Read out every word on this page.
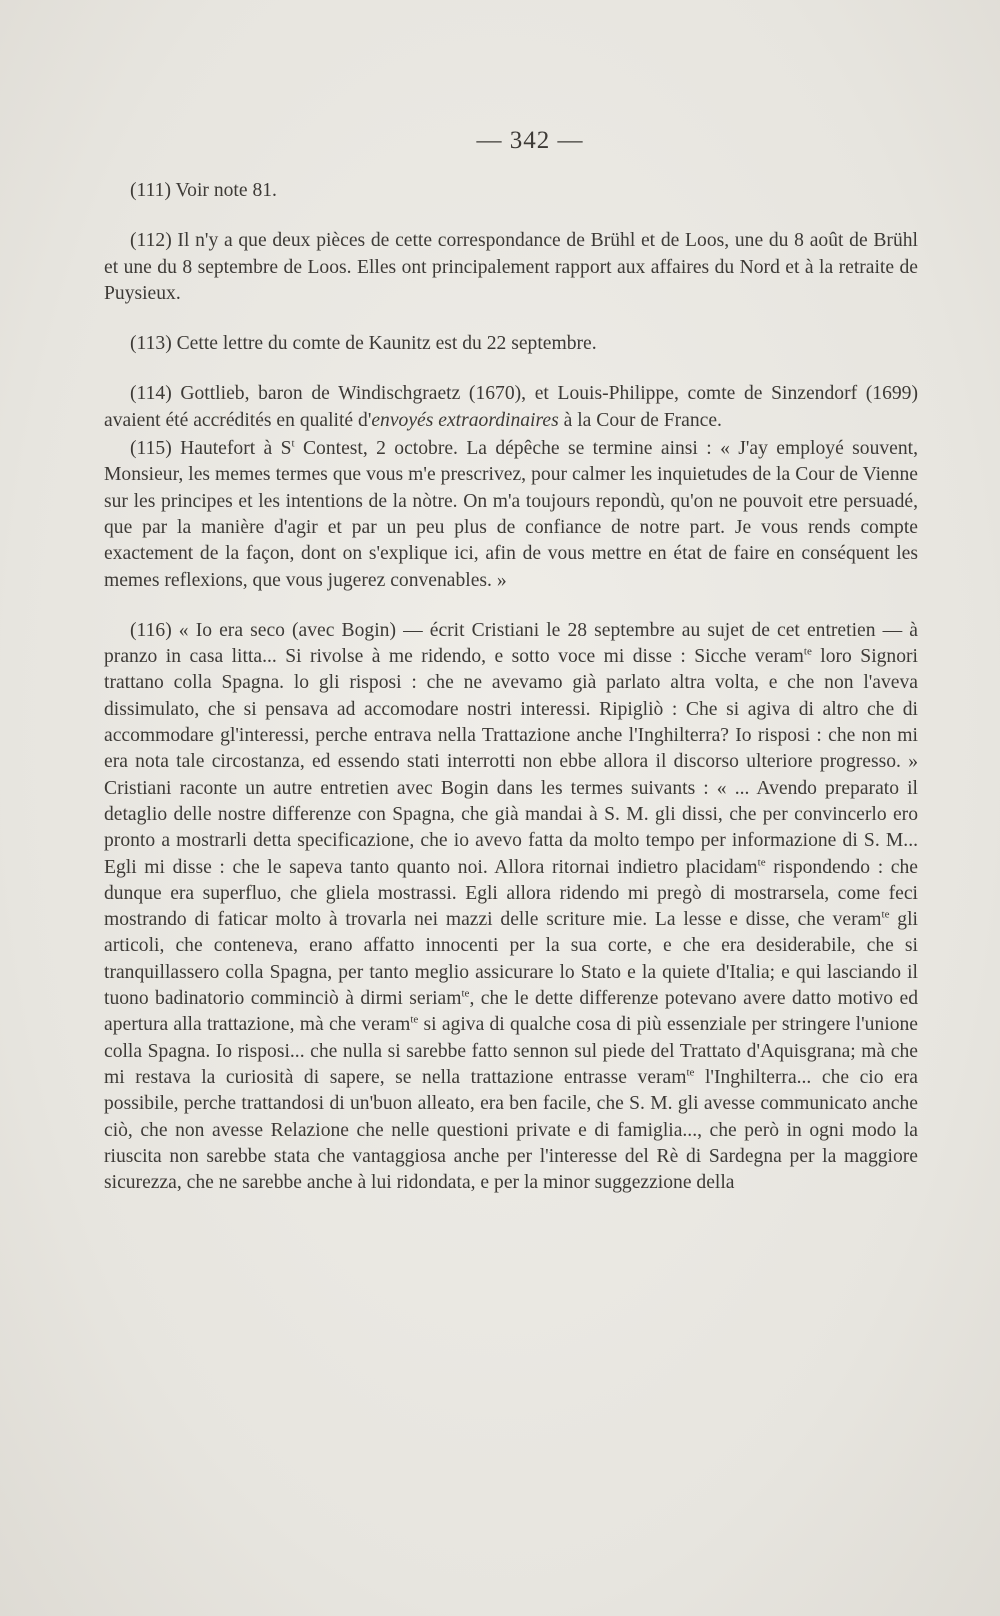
— 342 —

(111) Voir note 81.

(112) Il n'y a que deux pièces de cette correspondance de Brühl et de Loos, une du 8 août de Brühl et une du 8 septembre de Loos. Elles ont principalement rapport aux affaires du Nord et à la retraite de Puysieux.

(113) Cette lettre du comte de Kaunitz est du 22 septembre.

(114) Gottlieb, baron de Windischgraetz (1670), et Louis-Philippe, comte de Sinzendorf (1699) avaient été accrédités en qualité d'envoyés extraordinaires à la Cour de France.

(115) Hautefort à $S^t$ Contest, 2 octobre. La dépêche se termine ainsi : « J'ay employé souvent, Monsieur, les memes termes que vous m'e prescrivez, pour calmer les inquietudes de la Cour de Vienne sur les principes et les intentions de la nòtre. On m'a toujours repondù, qu'on ne pouvoit etre persuadé, que par la manière d'agir et par un peu plus de confiance de notre part. Je vous rends compte exactement de la façon, dont on s'explique ici, afin de vous mettre en état de faire en conséquent les memes reflexions, que vous jugerez convenables. »

(116) « Io era seco (avec Bogin) — écrit Cristiani le 28 septembre au sujet de cet entretien — à pranzo in casa litta... Si rivolse à me ridendo, e sotto voce mi disse : Sicche veram$^{te}$ loro Signori trattano colla Spagna. lo gli risposi : che ne avevamo già parlato altra volta, e che non l'aveva dissimulato, che si pensava ad accomodare nostri interessi. Ripigliò : Che si agiva di altro che di accommodare gl'interessi, perche entrava nella Trattazione anche l'Inghilterra? Io risposi : che non mi era nota tale circostanza, ed essendo stati interrotti non ebbe allora il discorso ulteriore progresso. » Cristiani raconte un autre entretien avec Bogin dans les termes suivants : « ... Avendo preparato il detaglio delle nostre differenze con Spagna, che già mandai à S. M. gli dissi, che per convincerlo ero pronto a mostrarli detta specificazione, che io avevo fatta da molto tempo per informazione di S. M... Egli mi disse : che le sapeva tanto quanto noi. Allora ritornai indietro placidam$^{te}$ rispondendo : che dunque era superfluo, che gliela mostrassi. Egli allora ridendo mi pregò di mostrarsela, come feci mostrando di faticar molto à trovarla nei mazzi delle scriture mie. La lesse e disse, che veram$^{te}$ gli articoli, che conteneva, erano affatto innocenti per la sua corte, e che era desiderabile, che si tranquillassero colla Spagna, per tanto meglio assicurare lo Stato e la quiete d'Italia; e qui lasciando il tuono badinatorio comminciò à dirmi seriam$^{te}$, che le dette differenze potevano avere datto motivo ed apertura alla trattazione, mà che veram$^{te}$ si agiva di qualche cosa di più essenziale per stringere l'unione colla Spagna. Io risposi... che nulla si sarebbe fatto sennon sul piede del Trattato d'Aquisgrana; mà che mi restava la curiosità di sapere, se nella trattazione entrasse veram$^{te}$ l'Inghilterra... che cio era possibile, perche trattandosi di un'buon alleato, era ben facile, che S. M. gli avesse communicato anche ciò, che non avesse Relazione che nelle questioni private e di famiglia..., che però in ogni modo la riuscita non sarebbe stata che vantaggiosa anche per l'interesse del Rè di Sardegna per la maggiore sicurezza, che ne sarebbe anche à lui ridondata, e per la minor suggezzione della
